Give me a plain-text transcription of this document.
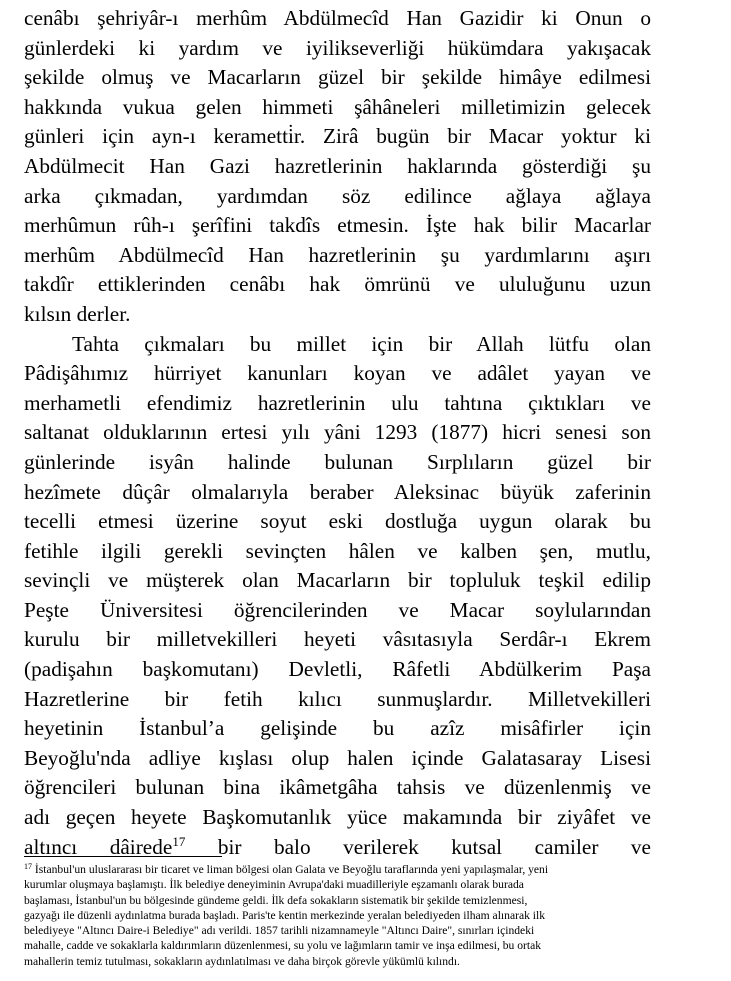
cenâbı şehriyâr-ı merhûm Abdülmecîd Han Gazidir ki Onun o
günlerdeki ki yardım ve iyilikseverliği hükümdara yakışacak
şekilde olmuş ve Macarların güzel bir şekilde himâye edilmesi
hakkında vukua gelen himmeti şâhâneleri milletimizin gelecek
günleri için ayn-ı kerametti̇r. Zirâ bugün bir Macar yoktur ki
Abdülmecit Han Gazi hazretlerinin haklarında gösterdiği şu
arka çıkmadan, yardımdan söz edilince ağlaya ağlaya
merhûmun rûh-ı şerîfini takdîs etmesin. İşte hak bilir Macarlar
merhûm Abdülmecîd Han hazretlerinin şu yardımlarını aşırı
takdîr ettiklerinden cenâbı hak ömrünü ve ululuğunu uzun
kılsın derler.

Tahta çıkmaları bu millet için bir Allah lütfu olan
Pâdişâhımız hürriyet kanunları koyan ve adâlet yayan ve
merhametli efendimiz hazretlerinin ulu tahtına çıktıkları ve
saltanat olduklarının ertesi yılı yâni 1293 (1877) hicri senesi son
günlerinde isyân halinde bulunan Sırplıların güzel bir
hezîmete dûçâr olmalarıyla beraber Aleksinac büyük zaferinin
tecelli etmesi üzerine soyut eski dostluğa uygun olarak bu
fetihle ilgili gerekli sevinçten hâlen ve kalben şen, mutlu,
sevinçli ve müşterek olan Macarların bir topluluk teşkil edilip
Peşte Üniversitesi öğrencilerinden ve Macar soylularından
kurulu bir milletvekilleri heyeti vâsıtasıyla Serdâr-ı Ekrem
(padişahın başkomutanı) Devletli, Râfetli Abdülkerim Paşa
Hazretlerine bir fetih kılıcı sunmuşlardır. Milletvekilleri
heyetinin İstanbul’a gelişinde bu azîz misâfirler için
Beyoğlu'nda adliye kışlası olup halen içinde Galatasaray Lisesi
öğrencileri bulunan bina ikâmetgâha tahsis ve düzenlenmiş ve
adı geçen heyete Başkomutanlık yüce makamında bir ziyâfet ve
altıncı dâirede$^{17}$ bir balo verilerek kutsal camiler ve

$^{17}$ İstanbul'un uluslararası bir ticaret ve liman bölgesi olan Galata ve Beyoğlu taraflarında yeni yapılaşmalar, yeni
kurumlar oluşmaya başlamıştı. İlk belediye deneyiminin Avrupa'daki muadilleriyle eşzamanlı olarak burada
başlaması, İstanbul'un bu bölgesinde gündeme geldi. İlk defa sokakların sistematik bir şekilde temizlenmesi,
gazyağı ile düzenli aydınlatma burada başladı. Paris'te kentin merkezinde yeralan belediyeden ilham alınarak ilk
belediyeye "Altıncı Daire-i Belediye" adı verildi. 1857 tarihli nizamnameyle "Altıncı Daire", sınırları içindeki
mahalle, cadde ve sokaklarla kaldırımların düzenlenmesi, su yolu ve lağımların tamir ve inşa edilmesi, bu ortak
mahallerin temiz tutulması, sokakların aydınlatılması ve daha birçok görevle yükümlü kılındı.
